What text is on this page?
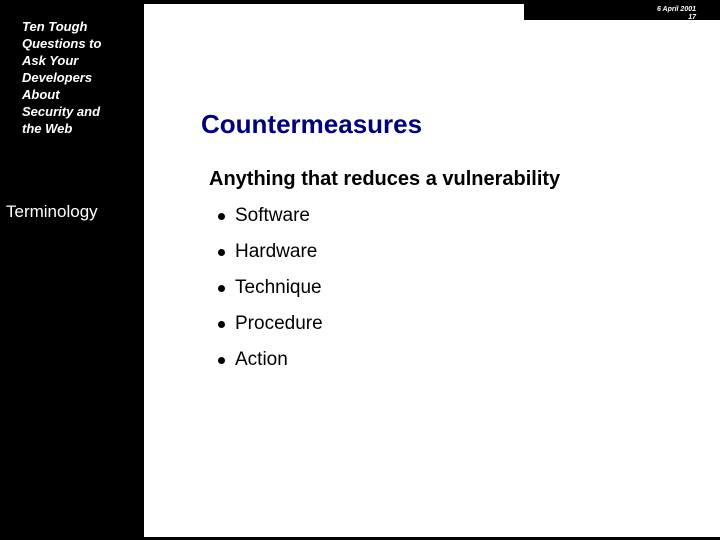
Ten Tough
Questions to
Ask Your
Developers
About
Security and
the Web
Terminology
6 April 2001
17
Countermeasures
Anything that reduces a vulnerability
Software
Hardware
Technique
Procedure
Action
